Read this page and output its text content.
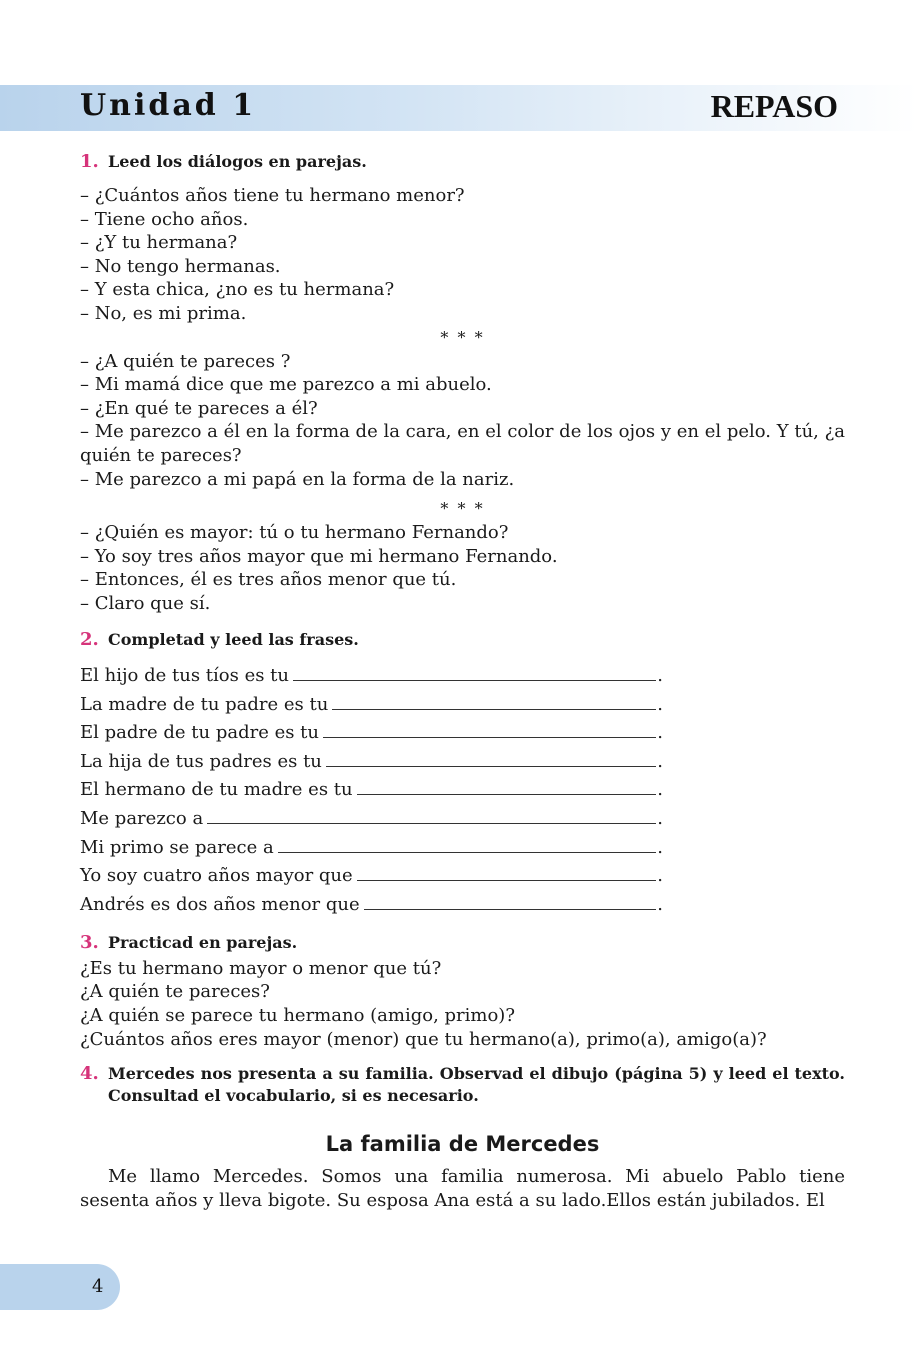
Unidad 1	REPASO
1. Leed los diálogos en parejas.
– ¿Cuántos años tiene tu hermano menor?
– Tiene ocho años.
– ¿Y tu hermana?
– No tengo hermanas.
– Y esta chica, ¿no es tu hermana?
– No, es mi prima.
* * *
– ¿A quién te pareces ?
– Mi mamá dice que me parezco a mi abuelo.
– ¿En qué te pareces a él?
– Me parezco a él en la forma de la cara, en el color de los ojos y en el pelo. Y tú, ¿a quién te pareces?
– Me parezco a mi papá en la forma de la nariz.
* * *
– ¿Quién es mayor: tú o tu hermano Fernando?
– Yo soy tres años mayor que mi hermano Fernando.
– Entonces, él es tres años menor que tú.
– Claro que sí.
2. Completad y leed las frases.
El hijo de tus tíos es tu	.
La madre de tu padre es tu	.
El padre de tu padre es tu	.
La hija de tus padres es tu	.
El hermano de tu madre es tu	.
Me parezco a	.
Mi primo se parece a	.
Yo soy cuatro años mayor que	.
Andrés es dos años menor que	.
3. Practicad en parejas.
¿Es tu hermano mayor o menor que tú?
¿A quién te pareces?
¿A quién se parece tu hermano (amigo, primo)?
¿Cuántos años eres mayor (menor) que tu hermano(a), primo(a), amigo(a)?
4. Mercedes nos presenta a su familia. Observad el dibujo (página 5) y leed el texto. Consultad el vocabulario, si es necesario.
La familia de Mercedes
Me llamo Mercedes. Somos una familia numerosa. Mi abuelo Pablo tiene sesenta años y lleva bigote. Su esposa Ana está a su lado.Ellos están jubilados. El
4
